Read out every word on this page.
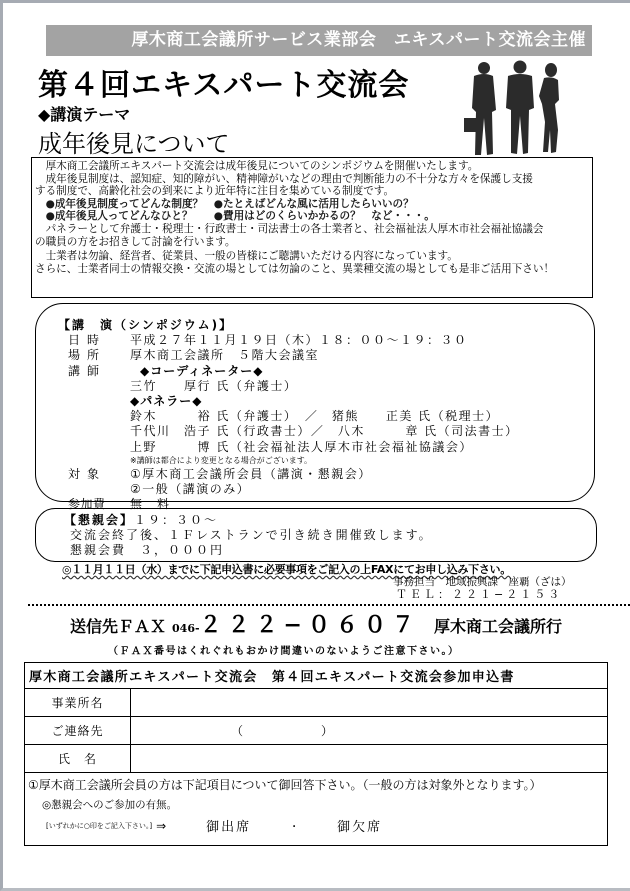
厚木商工会議所サービス業部会　エキスパート交流会主催
第４回エキスパート交流会
◆講演テーマ
成年後見について
　厚木商工会議所エキスパート交流会は成年後見についてのシンポジウムを開催いたします。
　成年後見制度は、認知症、知的障がい、精神障がいなどの理由で判断能力の不十分な方々を保護し支援
する制度で、高齢化社会の到来により近年特に注目を集めている制度です。
　●成年後見制度ってどんな制度？　●たとえばどんな風に活用したらいいの？
　●成年後見人ってどんなひと？　　●費用はどのくらいかかるの？　など・・・。
　パネラーとして弁護士・税理士・行政書士・司法書士の各士業者と、社会福祉法人厚木市社会福祉協議会
の職員の方をお招きして討論を行います。
　士業者は勿論、経営者、従業員、一般の皆様にご聴講いただける内容になっています。
さらに、士業者同士の情報交換・交流の場としては勿論のこと、異業種交流の場としても是非ご活用下さい！
【講　演（シンポジウム)】
日時	平成２７年１１月１９日（木）１８：００〜１９：３０
場所	厚木商工会議所　５階大会議室
講師	◆コーディネーター◆
三竹　　厚行 氏（弁護士）
◆パネラー◆
鈴木　　　裕 氏（弁護士）　／　猪熊　　正美 氏（税理士）
千代川　浩子 氏（行政書士）／　八木　　　章 氏（司法書士）
上野　　　博 氏（社会福祉法人厚木市社会福祉協議会）
※講師は都合により変更となる場合がございます。
対象	①厚木商工会議所会員（講演・懇親会）
②一般（講演のみ）
参加費	無　料
【懇親会】１９：３０〜
交流会終了後、１Ｆレストランで引き続き開催致します。
懇親会費　３，０００円
◎１１月１１日（水）までに下記申込書に必要事項をご記入の上FAXにてお申し込み下さい。
事務担当　地域振興課　座覇（ざは）
ＴＥＬ：２２１−２１５３
送信先ＦＡＸ 046- ２２２−０６０７ 厚木商工会議所行
（ＦＡＸ番号はくれぐれもおかけ間違いのないようご注意下さい。）
厚木商工会議所エキスパート交流会　第４回エキスパート交流会参加申込書	
事業所名	
ご連絡先	（ ）
氏　名	

①厚木商工会議所会員の方は下記項目について御回答下さい。（一般の方は対象外となります。）
◎懇親会へのご参加の有無。
[いずれかに○印をご記入下さい。] ⇒	御出席	・	御欠席
